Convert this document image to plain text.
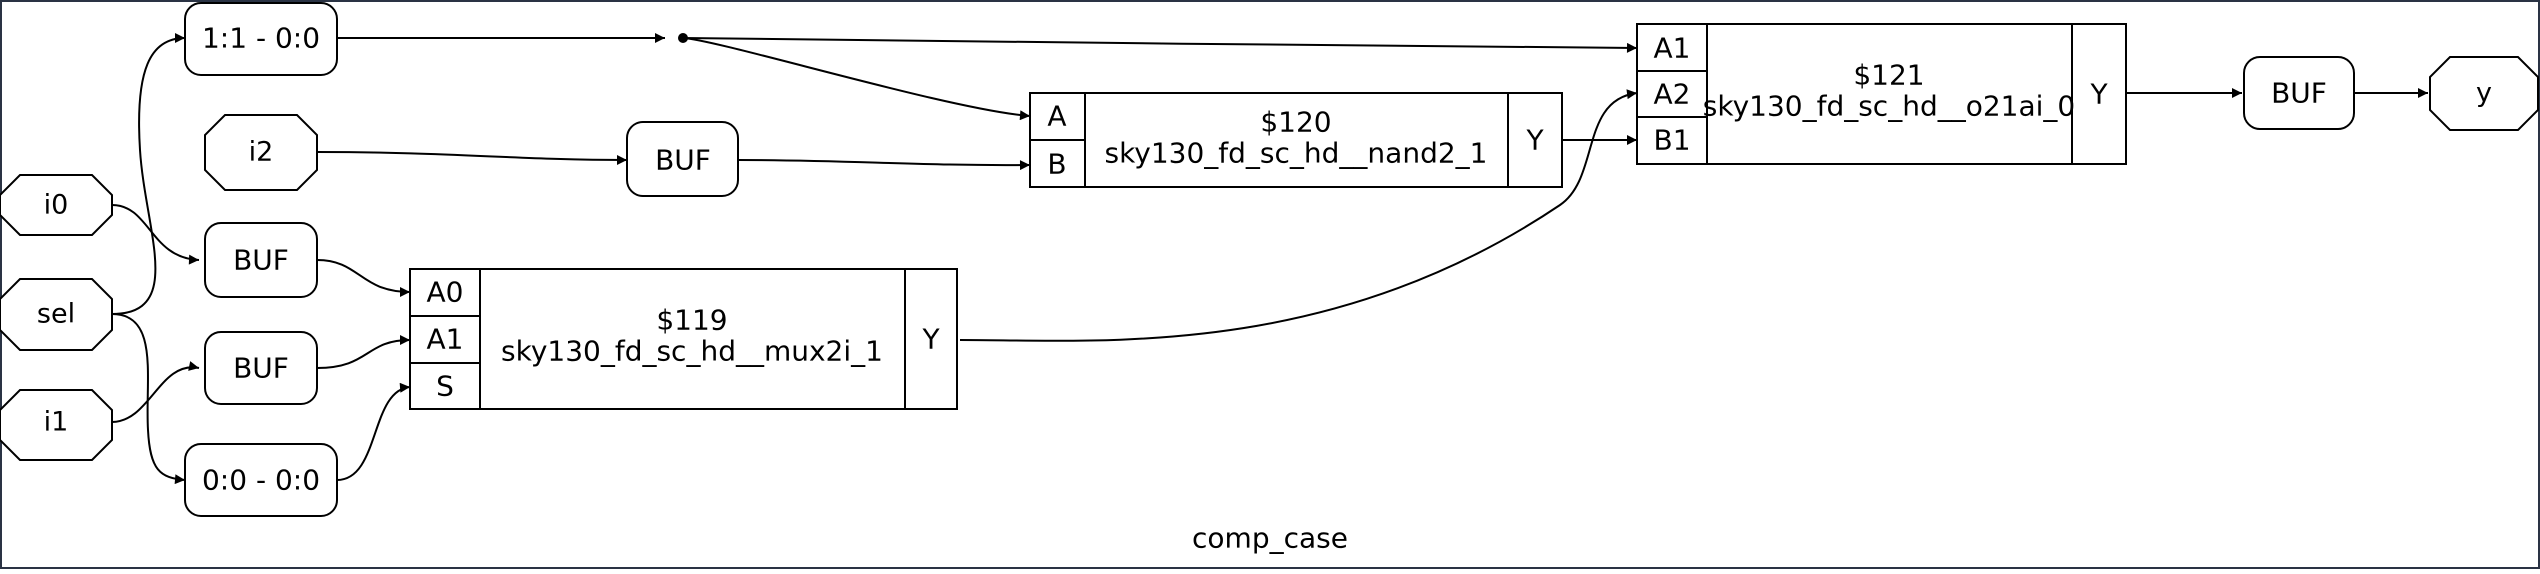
i0
sel
i1
i2
y
1:1 - 0:0
0:0 - 0:0
BUF
BUF
BUF
BUF
A0
A1
S
$119
sky130_fd_sc_hd__mux2i_1 Y
A
B
$120
sky130_fd_sc_hd__nand2_1 Y
A1
A2
B1
$121
sky130_fd_sc_hd__o21ai_0 Y
comp_case
